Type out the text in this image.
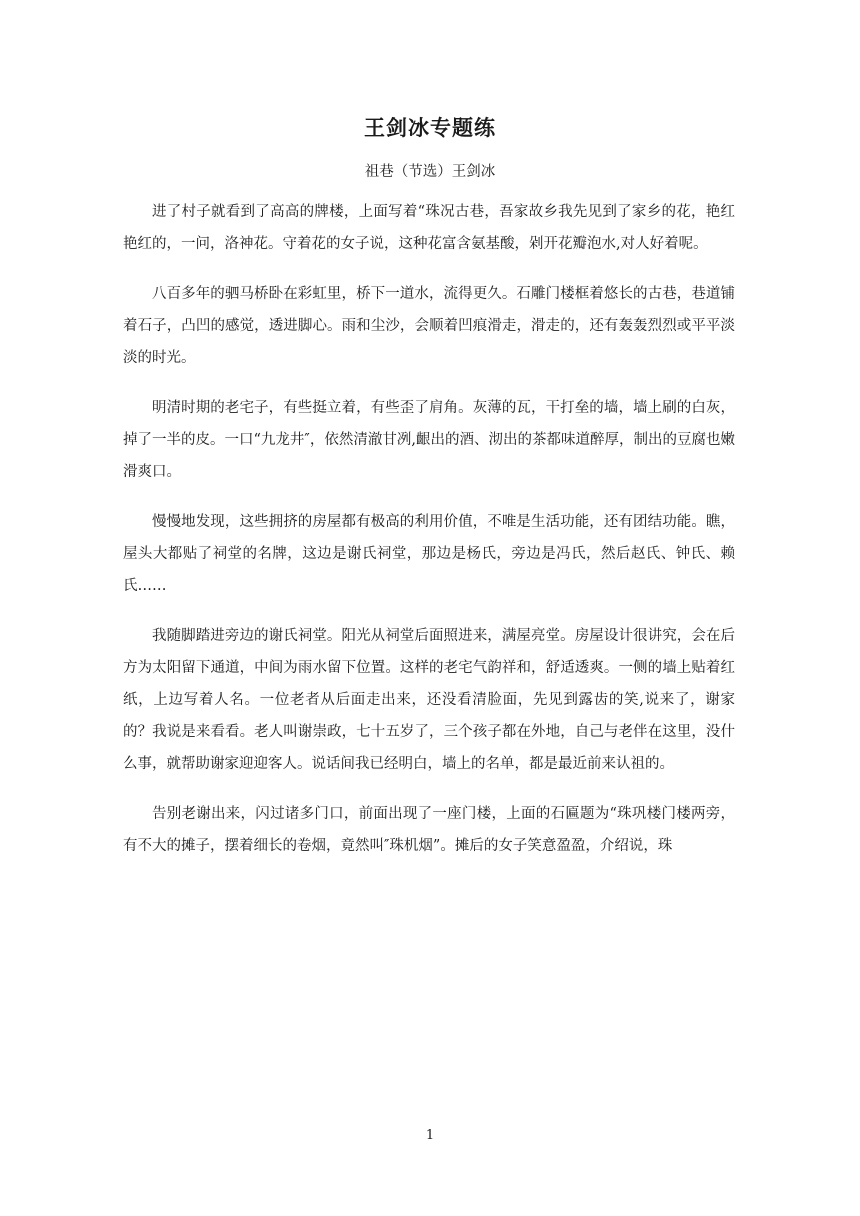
王剑冰专题练
祖巷（节选）王剑冰

进了村子就看到了高高的牌楼，上面写着“珠况古巷，吾家故乡我先见到了家乡的花，艳红艳红的，一问，洛神花。守着花的女子说，这种花富含氨基酸，剁开花瓣泡水,对人好着呢。

八百多年的驷马桥卧在彩虹里，桥下一道水，流得更久。石雕门楼框着悠长的古巷，巷道铺着石子，凸凹的感觉，透进脚心。雨和尘沙，会顺着凹痕滑走，滑走的，还有轰轰烈烈或平平淡淡的时光。

明清时期的老宅子，有些挺立着，有些歪了肩角。灰薄的瓦，干打垒的墙，墙上刷的白灰，掉了一半的皮。一口“九龙井″，依然清澈甘冽,齦出的酒、沏出的茶都味道醉厚，制出的豆腐也嫩滑爽口。

慢慢地发现，这些拥挤的房屋都有极高的利用价值，不唯是生活功能，还有团结功能。瞧，屋头大都贴了祠堂的名牌，这边是谢氏祠堂，那边是杨氏，旁边是冯氏，然后赵氏、钟氏、赖氏……

我随脚踏进旁边的谢氏祠堂。阳光从祠堂后面照进来，满屋亮堂。房屋设计很讲究，会在后方为太阳留下通道，中间为雨水留下位置。这样的老宅气韵祥和，舒适透爽。一侧的墙上贴着红纸，上边写着人名。一位老者从后面走出来，还没看清脸面，先见到露齿的笑,说来了，谢家的？我说是来看看。老人叫谢崇政，七十五岁了，三个孩子都在外地，自己与老伴在这里，没什么事，就帮助谢家迎迎客人。说话间我已经明白，墙上的名单，都是最近前来认祖的。

告别老谢出来，闪过诸多门口，前面出现了一座门楼，上面的石匾题为“珠巩楼门楼两旁，有不大的摊子，摆着细长的卷烟，竟然叫″珠机烟”。摊后的女子笑意盈盈，介绍说，珠

1
